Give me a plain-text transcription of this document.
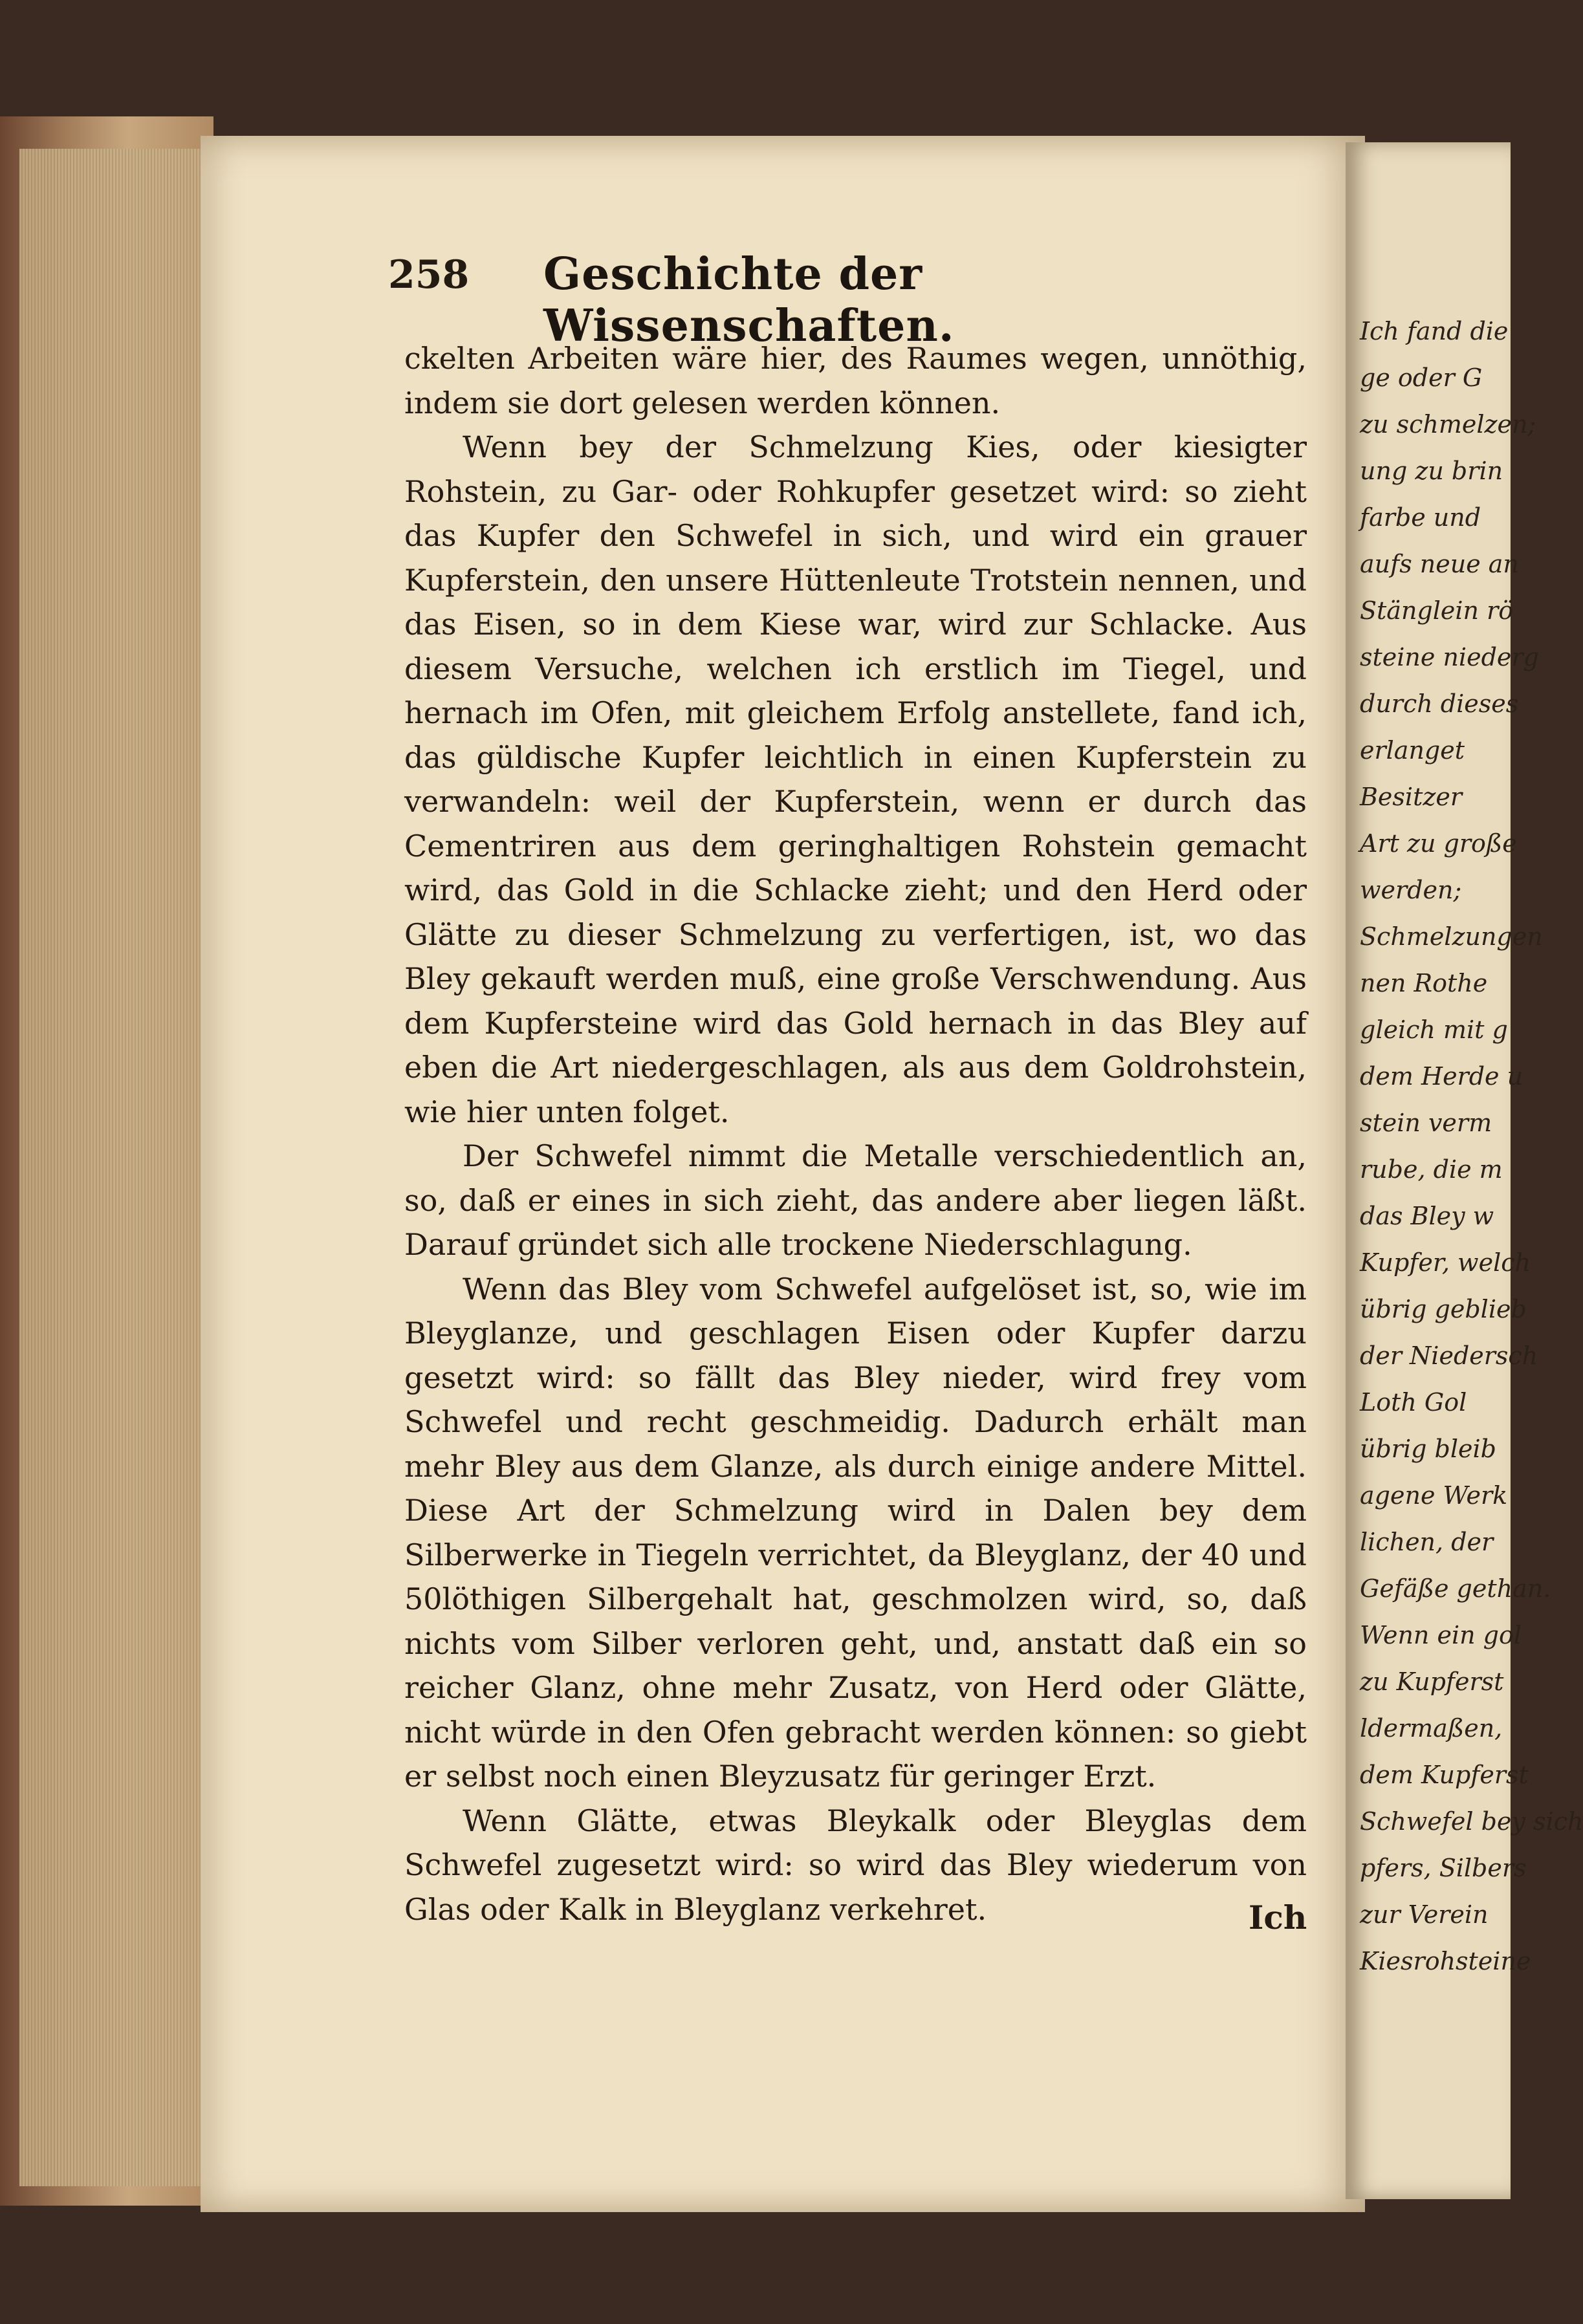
Ich fand die
ge oder G
zu schmelzen;
ung zu brin
farbe und
aufs neue an
Stänglein rö
steine niederg
durch dieses
erlanget
Besitzer
Art zu große
werden;
Schmelzungen
nen Rothe
gleich mit g
dem Herde u
stein verm
rube, die m
das Bley w
Kupfer, welch
übrig geblieb
der Niedersch
Loth Gol
übrig bleib
agene Werk
lichen, der
Gefäße gethan.
Wenn ein gol
zu Kupferst
ldermaßen,
dem Kupferst
Schwefel bey sich
pfers, Silbers
zur Verein
Kiesrohsteine
258 Geschichte der Wissenschaften.

ckelten Arbeiten wäre hier, des Raumes wegen, unnöthig, indem sie dort gelesen werden können.

Wenn bey der Schmelzung Kies, oder kiesigter Rohstein, zu Gar- oder Rohkupfer gesetzet wird: so zieht das Kupfer den Schwefel in sich, und wird ein grauer Kupferstein, den unsere Hüttenleute Trotstein nennen, und das Eisen, so in dem Kiese war, wird zur Schlacke. Aus diesem Versuche, welchen ich erstlich im Tiegel, und hernach im Ofen, mit gleichem Erfolg anstellete, fand ich, das güldische Kupfer leichtlich in einen Kupferstein zu verwandeln: weil der Kupferstein, wenn er durch das Cementriren aus dem geringhaltigen Rohstein gemacht wird, das Gold in die Schlacke zieht; und den Herd oder Glätte zu dieser Schmelzung zu verfertigen, ist, wo das Bley gekauft werden muß, eine große Verschwendung. Aus dem Kupfersteine wird das Gold hernach in das Bley auf eben die Art niedergeschlagen, als aus dem Goldrohstein, wie hier unten folget.

Der Schwefel nimmt die Metalle verschiedentlich an, so, daß er eines in sich zieht, das andere aber liegen läßt. Darauf gründet sich alle trockene Niederschlagung.

Wenn das Bley vom Schwefel aufgelöset ist, so, wie im Bleyglanze, und geschlagen Eisen oder Kupfer darzu gesetzt wird: so fällt das Bley nieder, wird frey vom Schwefel und recht geschmeidig. Dadurch erhält man mehr Bley aus dem Glanze, als durch einige andere Mittel. Diese Art der Schmelzung wird in Dalen bey dem Silberwerke in Tiegeln verrichtet, da Bleyglanz, der 40 und 50löthigen Silbergehalt hat, geschmolzen wird, so, daß nichts vom Silber verloren geht, und, anstatt daß ein so reicher Glanz, ohne mehr Zusatz, von Herd oder Glätte, nicht würde in den Ofen gebracht werden können: so giebt er selbst noch einen Bleyzusatz für geringer Erzt.

Wenn Glätte, etwas Bleykalk oder Bleyglas dem Schwefel zugesetzt wird: so wird das Bley wiederum von Glas oder Kalk in Bleyglanz verkehret.	Ich
